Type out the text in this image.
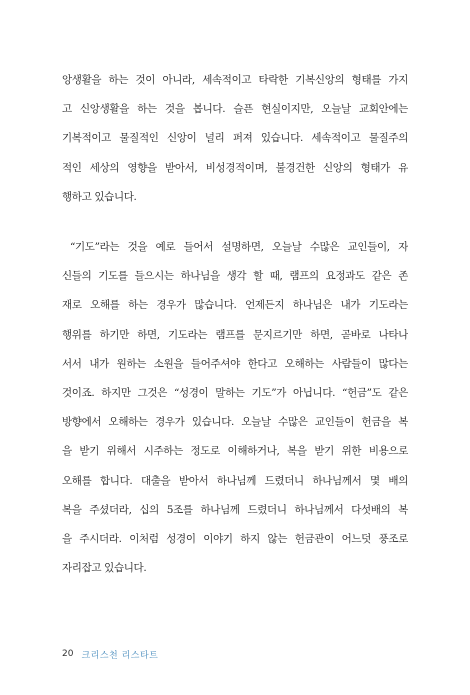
앙생활을 하는 것이 아니라, 세속적이고 타락한 기복신앙의 형태를 가지
고 신앙생활을 하는 것을 봅니다. 슬픈 현실이지만, 오늘날 교회안에는
기복적이고 물질적인 신앙이 널리 퍼져 있습니다. 세속적이고 물질주의
적인 세상의 영향을 받아서, 비성경적이며, 불경건한 신앙의 형태가 유
행하고 있습니다.
“기도”라는 것을 예로 들어서 설명하면, 오늘날 수많은 교인들이, 자
신들의 기도를 들으시는 하나님을 생각 할 때, 램프의 요정과도 같은 존
재로 오해를 하는 경우가 많습니다. 언제든지 하나님은 내가 기도라는
행위를 하기만 하면, 기도라는 램프를 문지르기만 하면, 곧바로 나타나
서서 내가 원하는 소원을 들어주셔야 한다고 오해하는 사람들이 많다는
것이죠. 하지만 그것은 “성경이 말하는 기도”가 아닙니다. “헌금”도 같은
방향에서 오해하는 경우가 있습니다. 오늘날 수많은 교인들이 헌금을 복
을 받기 위해서 시주하는 정도로 이해하거나, 복을 받기 위한 비용으로
오해를 합니다. 대출을 받아서 하나님께 드렸더니 하나님께서 몇 배의
복을 주셨더라, 십의 5조를 하나님께 드렸더니 하나님께서 다섯배의 복
을 주시더라. 이처럼 성경이 이야기 하지 않는 헌금관이 어느덧 풍조로
자리잡고 있습니다.
20 크리스천 리스타트
